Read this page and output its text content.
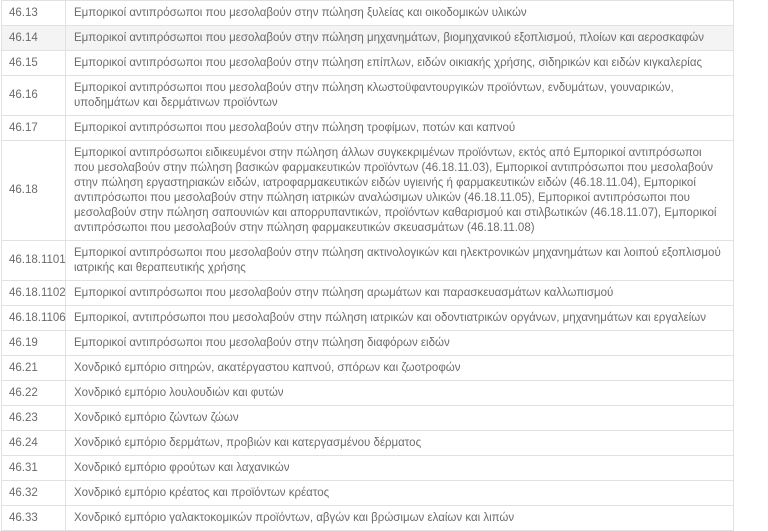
46.13	Εμπορικοί αντιπρόσωποι που μεσολαβούν στην πώληση ξυλείας και οικοδομικών υλικών
46.14	Εμπορικοί αντιπρόσωποι που μεσολαβούν στην πώληση μηχανημάτων, βιομηχανικού εξοπλισμού, πλοίων και αεροσκαφών
46.15	Εμπορικοί αντιπρόσωποι που μεσολαβούν στην πώληση επίπλων, ειδών οικιακής χρήσης, σιδηρικών και ειδών κιγκαλερίας
46.16	Εμπορικοί αντιπρόσωποι που μεσολαβούν στην πώληση κλωστοϋφαντουργικών προϊόντων, ενδυμάτων, γουναρικών, υποδημάτων και δερμάτινων προϊόντων
46.17	Εμπορικοί αντιπρόσωποι που μεσολαβούν στην πώληση τροφίμων, ποτών και καπνού
46.18	Εμπορικοί αντιπρόσωποι ειδικευμένοι στην πώληση άλλων συγκεκριμένων προϊόντων, εκτός από Εμπορικοί αντιπρόσωποι που μεσολαβούν στην πώληση βασικών φαρμακευτικών προϊόντων (46.18.11.03), Εμπορικοί αντιπρόσωποι που μεσολαβούν στην πώληση εργαστηριακών ειδών, ιατροφαρμακευτικών ειδών υγιεινής ή φαρμακευτικών ειδών (46.18.11.04), Εμπορικοί αντιπρόσωποι που μεσολαβούν στην πώληση ιατρικών αναλώσιμων υλικών (46.18.11.05), Εμπορικοί αντιπρόσωποι που μεσολαβούν στην πώληση σαπουνιών και απορρυπαντικών, προϊόντων καθαρισμού και στιλβωτικών (46.18.11.07), Εμπορικοί αντιπρόσωποι που μεσολαβούν στην πώληση φαρμακευτικών σκευασμάτων (46.18.11.08)
46.18.1101	Εμπορικοί αντιπρόσωποι που μεσολαβούν στην πώληση ακτινολογικών και ηλεκτρονικών μηχανημάτων και λοιπού εξοπλισμού ιατρικής και θεραπευτικής χρήσης
46.18.1102	Εμπορικοί αντιπρόσωποι που μεσολαβούν στην πώληση αρωμάτων και παρασκευασμάτων καλλωπισμού
46.18.1106	Εμπορικοί, αντιπρόσωποι που μεσολαβούν στην πώληση ιατρικών και οδοντιατρικών οργάνων, μηχανημάτων και εργαλείων
46.19	Εμπορικοί αντιπρόσωποι που μεσολαβούν στην πώληση διαφόρων ειδών
46.21	Χονδρικό εμπόριο σιτηρών, ακατέργαστου καπνού, σπόρων και ζωοτροφών
46.22	Χονδρικό εμπόριο λουλουδιών και φυτών
46.23	Χονδρικό εμπόριο ζώντων ζώων
46.24	Χονδρικό εμπόριο δερμάτων, προβιών και κατεργασμένου δέρματος
46.31	Χονδρικό εμπόριο φρούτων και λαχανικών
46.32	Χονδρικό εμπόριο κρέατος και προϊόντων κρέατος
46.33	Χονδρικό εμπόριο γαλακτοκομικών προϊόντων, αβγών και βρώσιμων ελαίων και λιπών
